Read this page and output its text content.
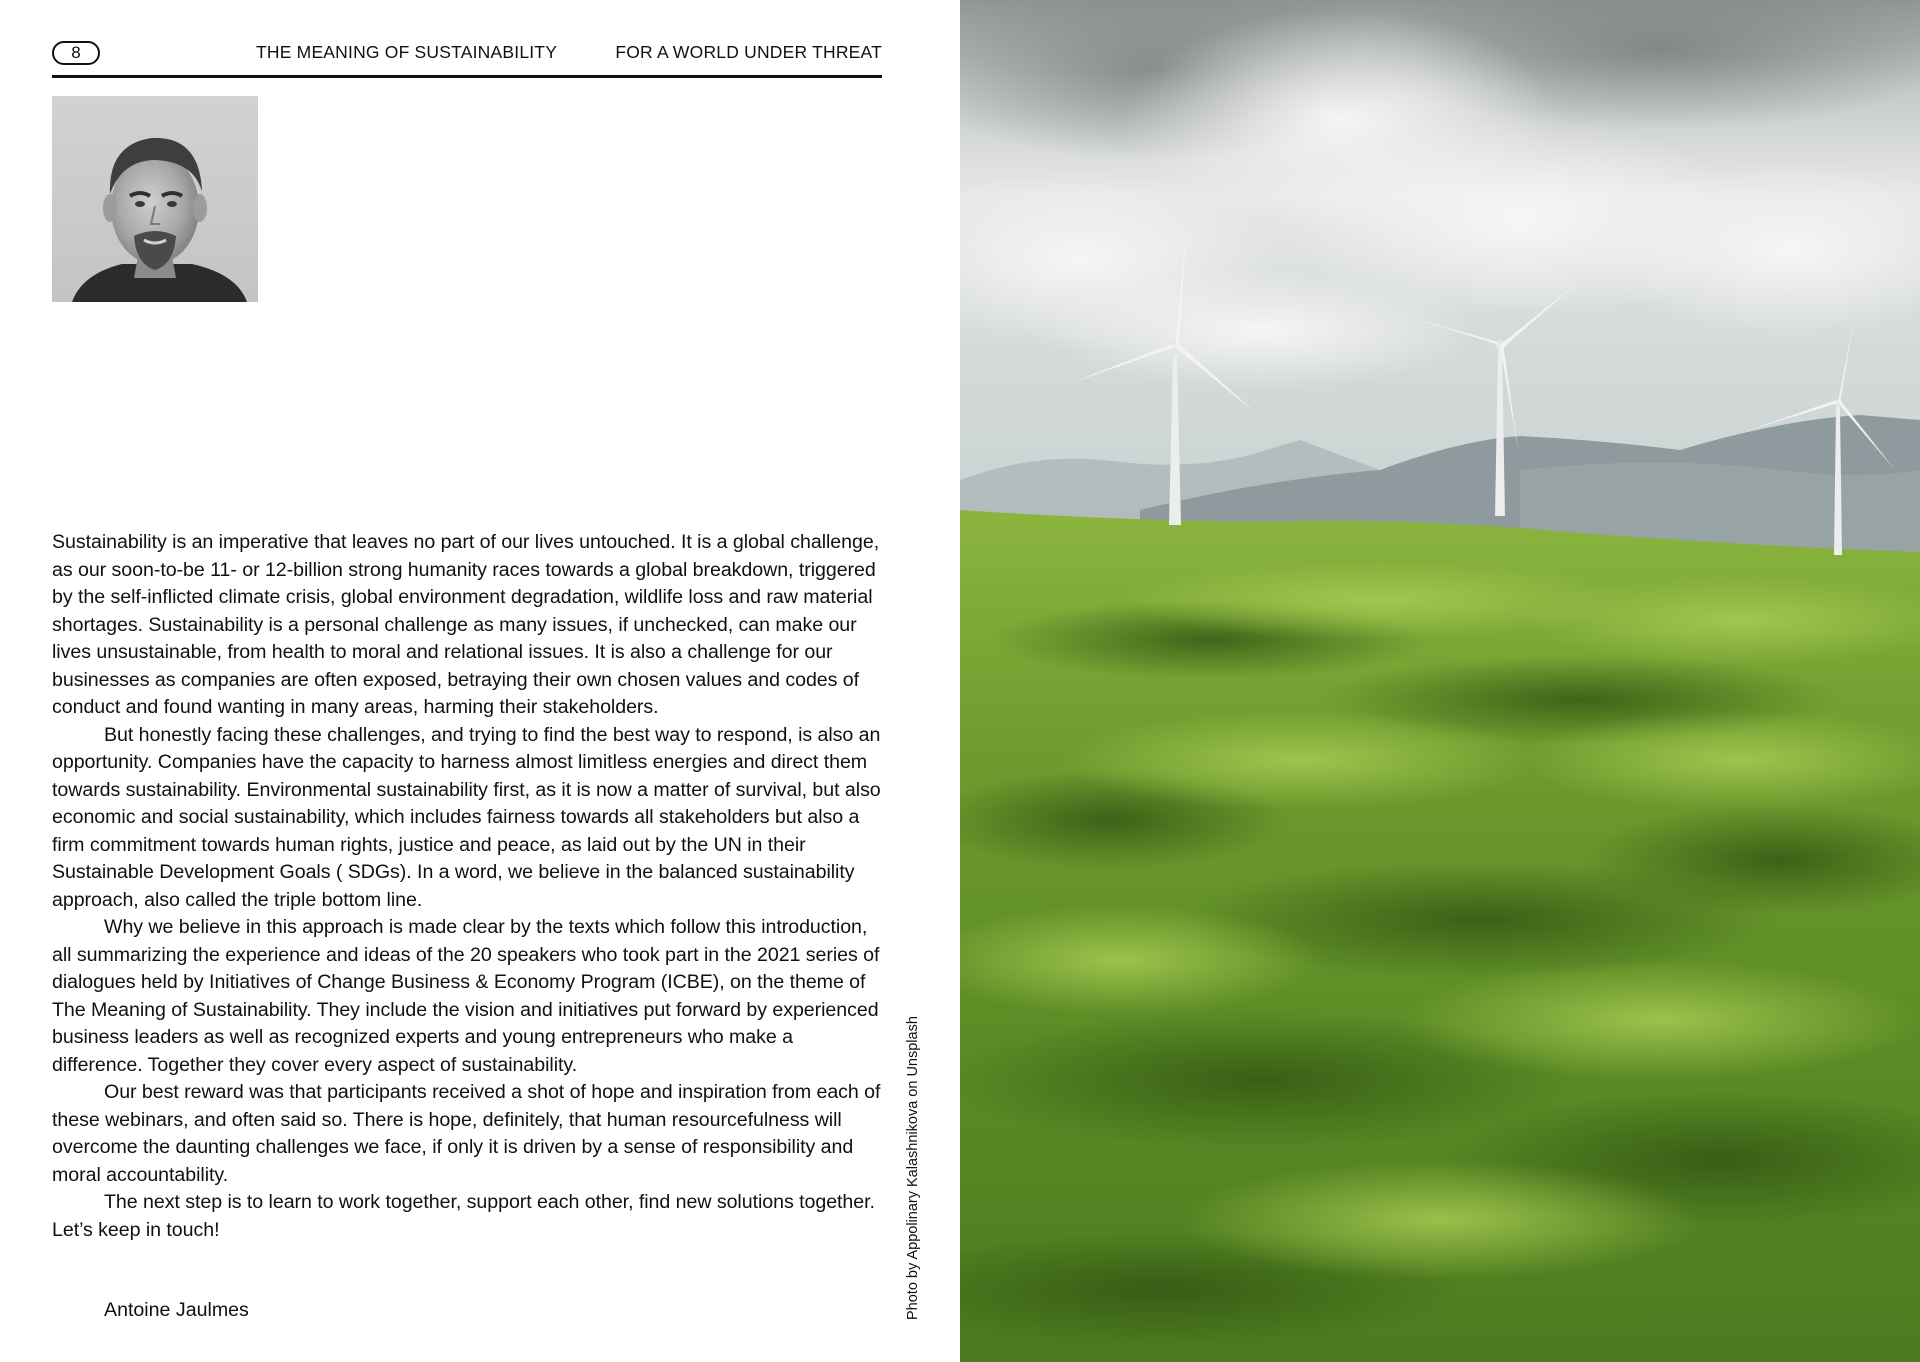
8	THE MEANING OF SUSTAINABILITY	FOR A WORLD UNDER THREAT

Sustainability is an imperative that leaves no part of our lives untouched. It is a global challenge, as our soon-to-be 11- or 12-billion strong humanity races towards a global breakdown, triggered by the self-inflicted climate crisis, global environment degradation, wildlife loss and raw material shortages. Sustainability is a personal challenge as many issues, if unchecked, can make our lives unsustainable, from health to moral and relational issues. It is also a challenge for our businesses as companies are often exposed, betraying their own chosen values and codes of conduct and found wanting in many areas, harming their stakeholders.

But honestly facing these challenges, and trying to find the best way to respond, is also an opportunity. Companies have the capacity to harness almost limitless energies and direct them towards sustainability. Environmental sustainability first, as it is now a matter of survival, but also economic and social sustainability, which includes fairness towards all stakeholders but also a firm commitment towards human rights, justice and peace, as laid out by the UN in their Sustainable Development Goals ( SDGs). In a word, we believe in the balanced sustainability approach, also called the triple bottom line.

Why we believe in this approach is made clear by the texts which follow this introduction, all summarizing the experience and ideas of the 20 speakers who took part in the 2021 series of dialogues held by Initiatives of Change Business & Economy Program (ICBE), on the theme of The Meaning of Sustainability. They include the vision and initiatives put forward by experienced business leaders as well as recognized experts and young entrepreneurs who make a difference. Together they cover every aspect of sustainability.

Our best reward was that participants received a shot of hope and inspiration from each of these webinars, and often said so. There is hope, definitely, that human resourcefulness will overcome the daunting challenges we face, if only it is driven by a sense of responsibility and moral accountability.

The next step is to learn to work together, support each other, find new solutions together. Let’s keep in touch!

Antoine Jaulmes	Photo by Appolinary Kalashnikova on Unsplash
